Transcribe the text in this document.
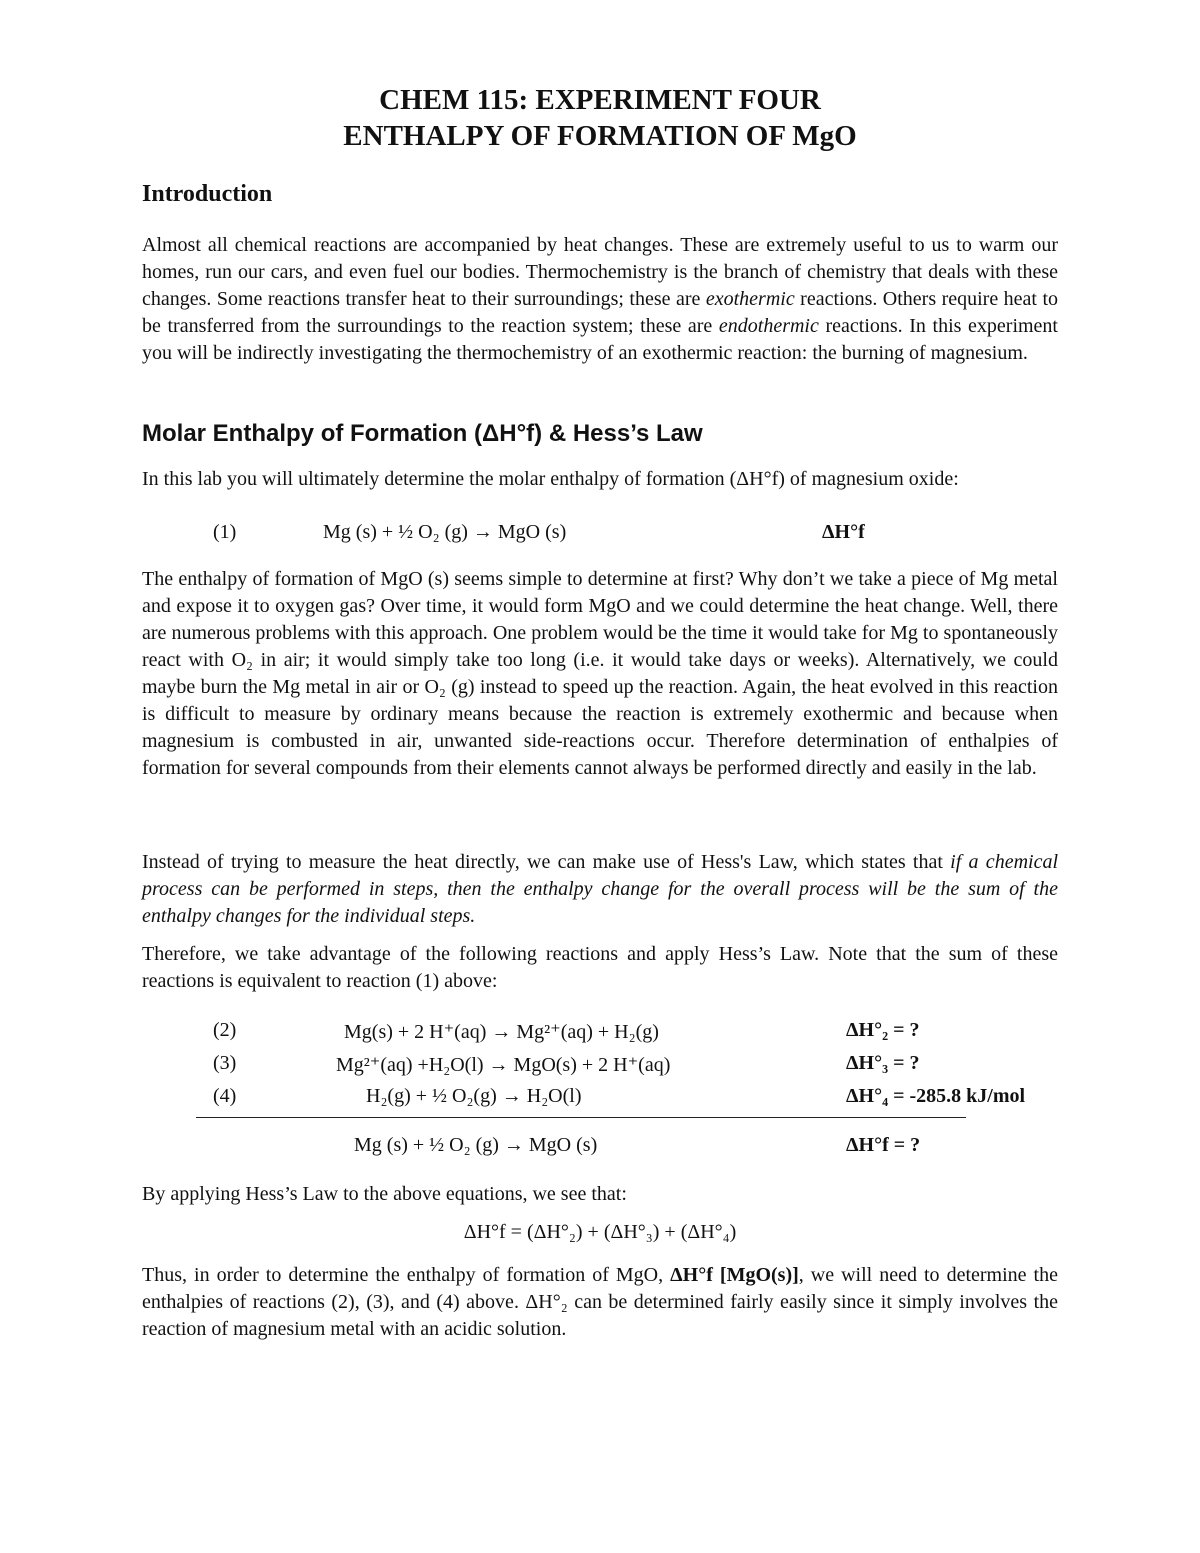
CHEM 115: EXPERIMENT FOUR
ENTHALPY OF FORMATION OF MgO
Introduction

Almost all chemical reactions are accompanied by heat changes. These are extremely useful to us to warm our homes, run our cars, and even fuel our bodies. Thermochemistry is the branch of chemistry that deals with these changes. Some reactions transfer heat to their surroundings; these are exothermic reactions. Others require heat to be transferred from the surroundings to the reaction system; these are endothermic reactions. In this experiment you will be indirectly investigating the thermochemistry of an exothermic reaction: the burning of magnesium.

Molar Enthalpy of Formation (ΔH°f) & Hess’s Law

In this lab you will ultimately determine the molar enthalpy of formation (ΔH°f) of magnesium oxide:

(1)	Mg (s) + ½ O₂ (g) → MgO (s)	ΔH°f

The enthalpy of formation of MgO (s) seems simple to determine at first? Why don’t we take a piece of Mg metal and expose it to oxygen gas? Over time, it would form MgO and we could determine the heat change. Well, there are numerous problems with this approach. One problem would be the time it would take for Mg to spontaneously react with O₂ in air; it would simply take too long (i.e. it would take days or weeks). Alternatively, we could maybe burn the Mg metal in air or O₂ (g) instead to speed up the reaction. Again, the heat evolved in this reaction is difficult to measure by ordinary means because the reaction is extremely exothermic and because when magnesium is combusted in air, unwanted side-reactions occur. Therefore determination of enthalpies of formation for several compounds from their elements cannot always be performed directly and easily in the lab.

Instead of trying to measure the heat directly, we can make use of Hess's Law, which states that if a chemical process can be performed in steps, then the enthalpy change for the overall process will be the sum of the enthalpy changes for the individual steps.

Therefore, we take advantage of the following reactions and apply Hess’s Law. Note that the sum of these reactions is equivalent to reaction (1) above:

(2)	Mg(s) + 2 H⁺(aq) → Mg²⁺(aq) + H₂(g)	ΔH°₂ = ?
(3)	Mg²⁺(aq) +H₂O(l) → MgO(s) + 2 H⁺(aq)	ΔH°₃ = ?
(4)	H₂(g) + ½ O₂(g) → H₂O(l)	ΔH°₄ = -285.8 kJ/mol
Mg (s) + ½ O₂ (g) → MgO (s)	ΔH°f = ?

By applying Hess’s Law to the above equations, we see that:

ΔH°f = (ΔH°₂) + (ΔH°₃) + (ΔH°₄)

Thus, in order to determine the enthalpy of formation of MgO, ΔH°f [MgO(s)], we will need to determine the enthalpies of reactions (2), (3), and (4) above. ΔH°₂ can be determined fairly easily since it simply involves the reaction of magnesium metal with an acidic solution.
